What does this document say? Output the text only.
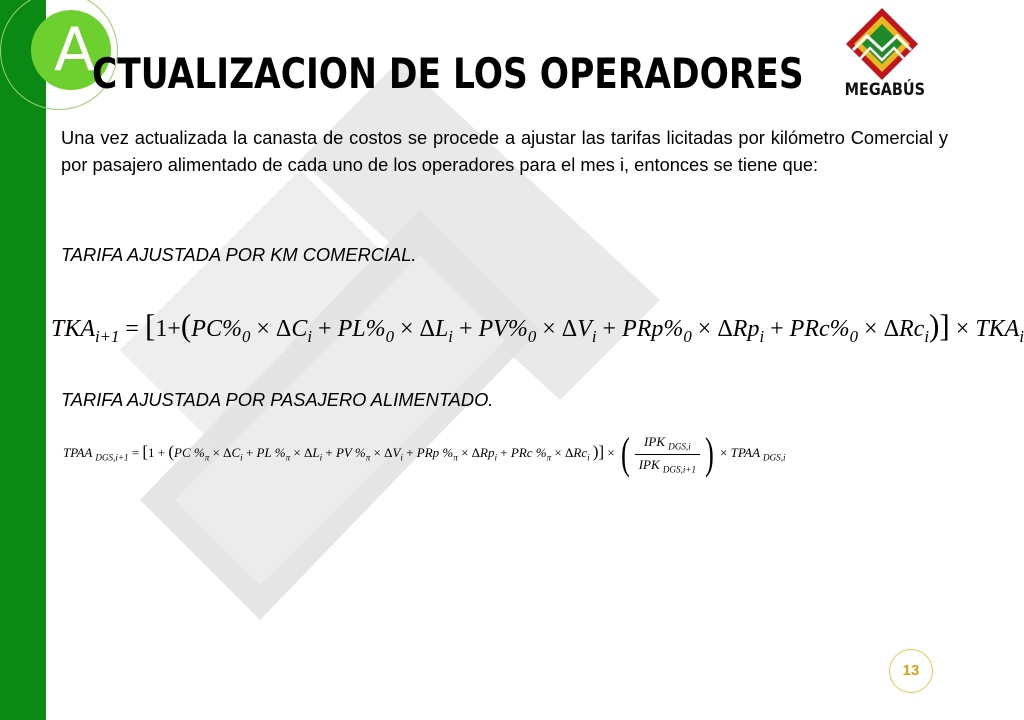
A
CTUALIZACION DE LOS OPERADORES MEGABÚS
Una vez actualizada la canasta de costos se procede a ajustar las tarifas licitadas por kilómetro Comercial y por pasajero alimentado de cada uno de los operadores para el mes i, entonces se tiene que:
TARIFA AJUSTADA POR KM COMERCIAL.
$TKA_{i+1} = [1+(PC\%_0 \times \Delta C_i + PL\%_0 \times \Delta L_i + PV\%_0 \times \Delta V_i + PRp\%_0 \times \Delta Rp_i + PRc\%_0 \times \Delta Rc_i)] \times TKA_i$
TARIFA AJUSTADA POR PASAJERO ALIMENTADO.
TPAA $_{DGS,i+1}$ = [1 + (PC $\%_\pi \times \Delta C_i$ + PL $\%_\pi \times \Delta L_i$ + PV $\%_\pi \times \Delta V_i$ + PRp $\%_\pi \times \Delta Rp_i$ + PRc $\%_\pi \times \Delta Rc_i$ )] × ( $\frac{IPK _{DGS,i}}{IPK _{DGS,i+1}}$ ) × TPAA $_{DGS,i}$
13
